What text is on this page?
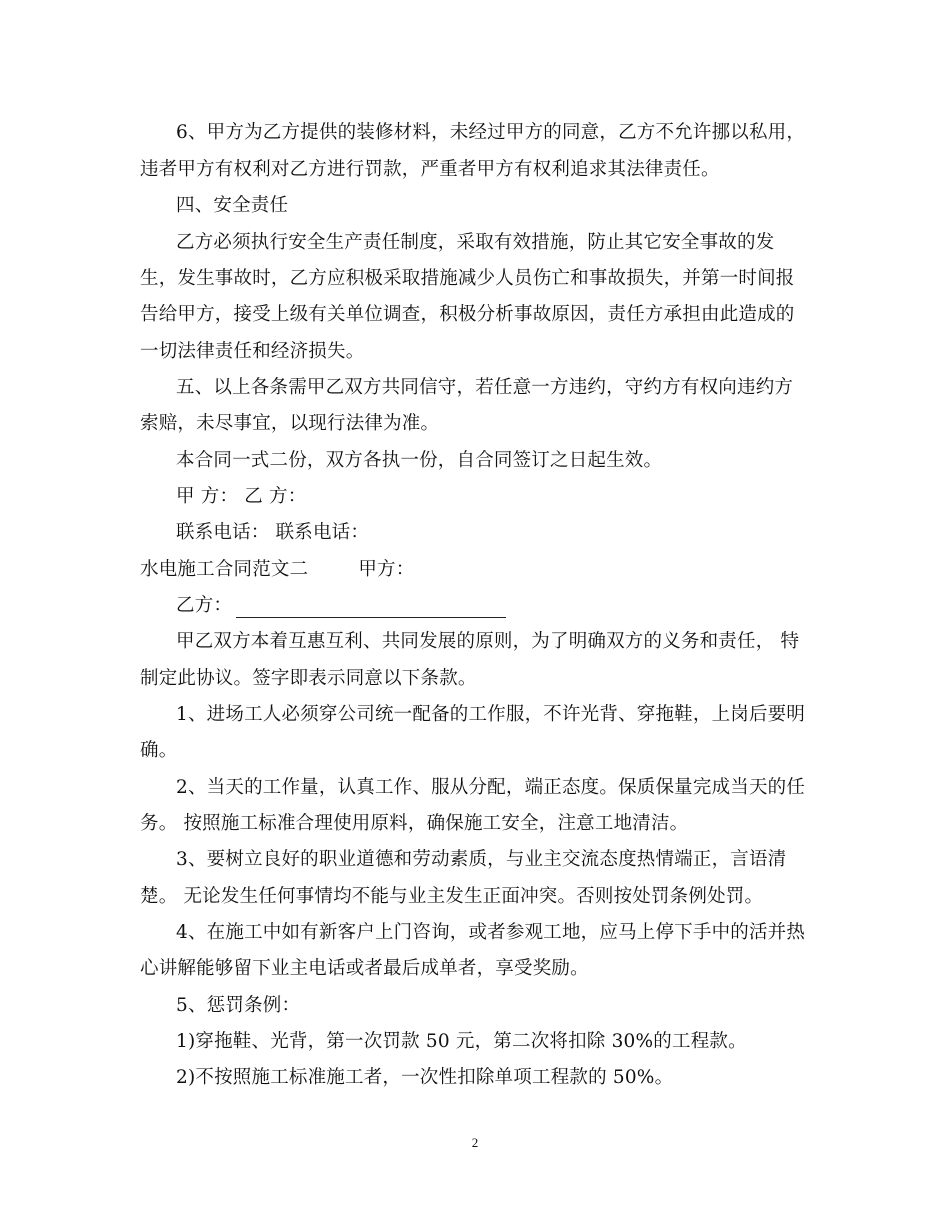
6、甲方为乙方提供的装修材料，未经过甲方的同意，乙方不允许挪以私用，
违者甲方有权利对乙方进行罚款，严重者甲方有权利追求其法律责任。
四、安全责任
乙方必须执行安全生产责任制度，采取有效措施，防止其它安全事故的发
生，发生事故时，乙方应积极采取措施减少人员伤亡和事故损失，并第一时间报
告给甲方，接受上级有关单位调查，积极分析事故原因，责任方承担由此造成的
一切法律责任和经济损失。
五、以上各条需甲乙双方共同信守，若任意一方违约，守约方有权向违约方
索赔，未尽事宜，以现行法律为准。
本合同一式二份，双方各执一份，自合同签订之日起生效。
甲 方： 乙 方：
联系电话： 联系电话：
水电施工合同范文二	甲方：
乙方：
甲乙双方本着互惠互利、共同发展的原则，为了明确双方的义务和责任， 特
制定此协议。签字即表示同意以下条款。
1、进场工人必须穿公司统一配备的工作服，不许光背、穿拖鞋，上岗后要明
确。
2、当天的工作量，认真工作、服从分配，端正态度。保质保量完成当天的任
务。 按照施工标准合理使用原料，确保施工安全，注意工地清洁。
3、要树立良好的职业道德和劳动素质，与业主交流态度热情端正，言语清
楚。 无论发生任何事情均不能与业主发生正面冲突。否则按处罚条例处罚。
4、在施工中如有新客户上门咨询，或者参观工地，应马上停下手中的活并热
心讲解能够留下业主电话或者最后成单者，享受奖励。
5、惩罚条例：
1)穿拖鞋、光背，第一次罚款 50 元，第二次将扣除 30%的工程款。
2)不按照施工标准施工者，一次性扣除单项工程款的 50%。
2
